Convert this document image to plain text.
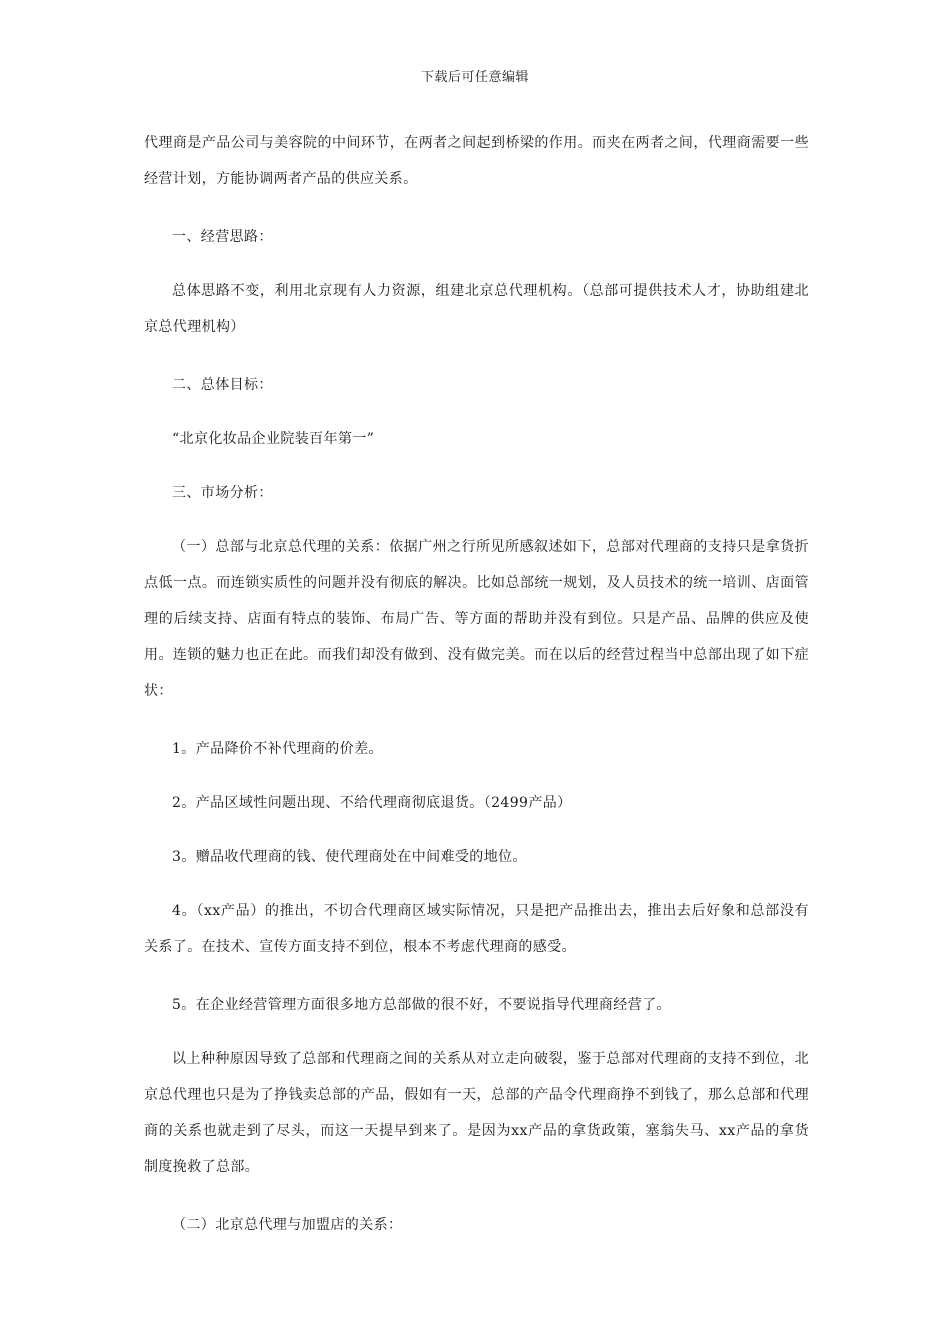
下载后可任意编辑

代理商是产品公司与美容院的中间环节，在两者之间起到桥梁的作用。而夹在两者之间，代理商需要一些经营计划，方能协调两者产品的供应关系。

一、经营思路：

总体思路不变，利用北京现有人力资源，组建北京总代理机构。（总部可提供技术人才，协助组建北京总代理机构）

二、总体目标：

“北京化妆品企业院装百年第一”

三、市场分析：

（一）总部与北京总代理的关系：依据广州之行所见所感叙述如下，总部对代理商的支持只是拿货折点低一点。而连锁实质性的问题并没有彻底的解决。比如总部统一规划，及人员技术的统一培训、店面管理的后续支持、店面有特点的装饰、布局广告、等方面的帮助并没有到位。只是产品、品牌的供应及使用。连锁的魅力也正在此。而我们却没有做到、没有做完美。而在以后的经营过程当中总部出现了如下症状：

1。产品降价不补代理商的价差。

2。产品区域性问题出现、不给代理商彻底退货。（2499产品）

3。赠品收代理商的钱、使代理商处在中间难受的地位。

4。（xx产品）的推出，不切合代理商区域实际情况，只是把产品推出去，推出去后好象和总部没有关系了。在技术、宣传方面支持不到位，根本不考虑代理商的感受。

5。在企业经营管理方面很多地方总部做的很不好，不要说指导代理商经营了。

以上种种原因导致了总部和代理商之间的关系从对立走向破裂，鉴于总部对代理商的支持不到位，北京总代理也只是为了挣钱卖总部的产品，假如有一天，总部的产品令代理商挣不到钱了，那么总部和代理商的关系也就走到了尽头，而这一天提早到来了。是因为xx产品的拿货政策，塞翁失马、xx产品的拿货制度挽救了总部。

（二）北京总代理与加盟店的关系：
